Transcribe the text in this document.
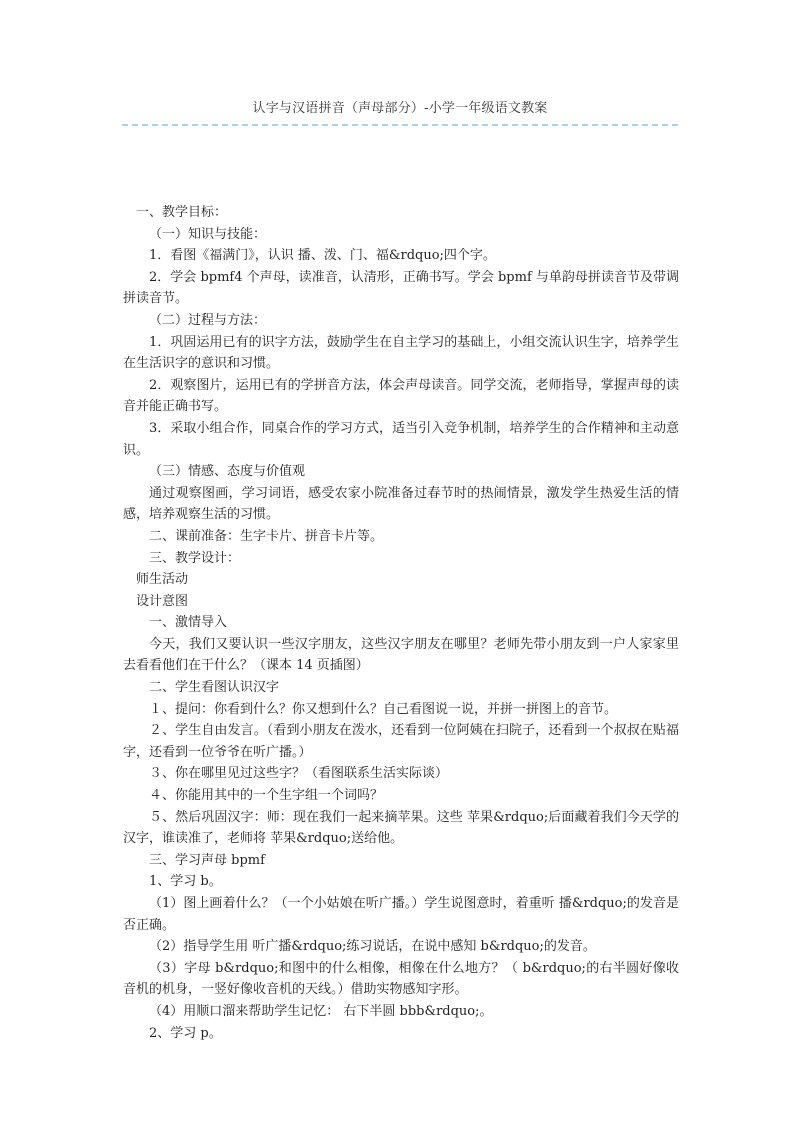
认字与汉语拼音（声母部分）-小学一年级语文教案

一、教学目标：

（一）知识与技能：

1．看图《福满门》，认识 播、泼、门、福&rdquo;四个字。

2．学会 bpmf4 个声母，读准音，认清形，正确书写。学会 bpmf 与单韵母拼读音节及带调拼读音节。

（二）过程与方法：

1．巩固运用已有的识字方法，鼓励学生在自主学习的基础上，小组交流认识生字，培养学生在生活识字的意识和习惯。

2．观察图片，运用已有的学拼音方法，体会声母读音。同学交流，老师指导，掌握声母的读音并能正确书写。

3．采取小组合作，同桌合作的学习方式，适当引入竞争机制，培养学生的合作精神和主动意识。

（三）情感、态度与价值观

通过观察图画，学习词语，感受农家小院准备过春节时的热闹情景，激发学生热爱生活的情感，培养观察生活的习惯。

二、课前准备：生字卡片、拼音卡片等。

三、教学设计：

师生活动

设计意图

一、激情导入

今天，我们又要认识一些汉字朋友，这些汉字朋友在哪里？老师先带小朋友到一户人家家里去看看他们在干什么？（课本 14 页插图）

二、学生看图认识汉字

１、提问：你看到什么？你又想到什么？自己看图说一说，并拼一拼图上的音节。

２、学生自由发言。（看到小朋友在泼水，还看到一位阿姨在扫院子，还看到一个叔叔在贴福字，还看到一位爷爷在听广播。）

３、你在哪里见过这些字？（看图联系生活实际谈）

４、你能用其中的一个生字组一个词吗？

５、然后巩固汉字：师：现在我们一起来摘苹果。这些 苹果&rdquo;后面藏着我们今天学的汉字，谁读准了，老师将 苹果&rdquo;送给他。

三、学习声母 bpmf

1、学习 b。

（1）图上画着什么？（一个小姑娘在听广播。）学生说图意时，着重听 播&rdquo;的发音是否正确。

（2）指导学生用 听广播&rdquo;练习说话，在说中感知 b&rdquo;的发音。

（3）字母 b&rdquo;和图中的什么相像，相像在什么地方？（ b&rdquo;的右半圆好像收音机的机身，一竖好像收音机的天线。）借助实物感知字形。

（4）用顺口溜来帮助学生记忆： 右下半圆 bbb&rdquo;。

2、学习 p。
